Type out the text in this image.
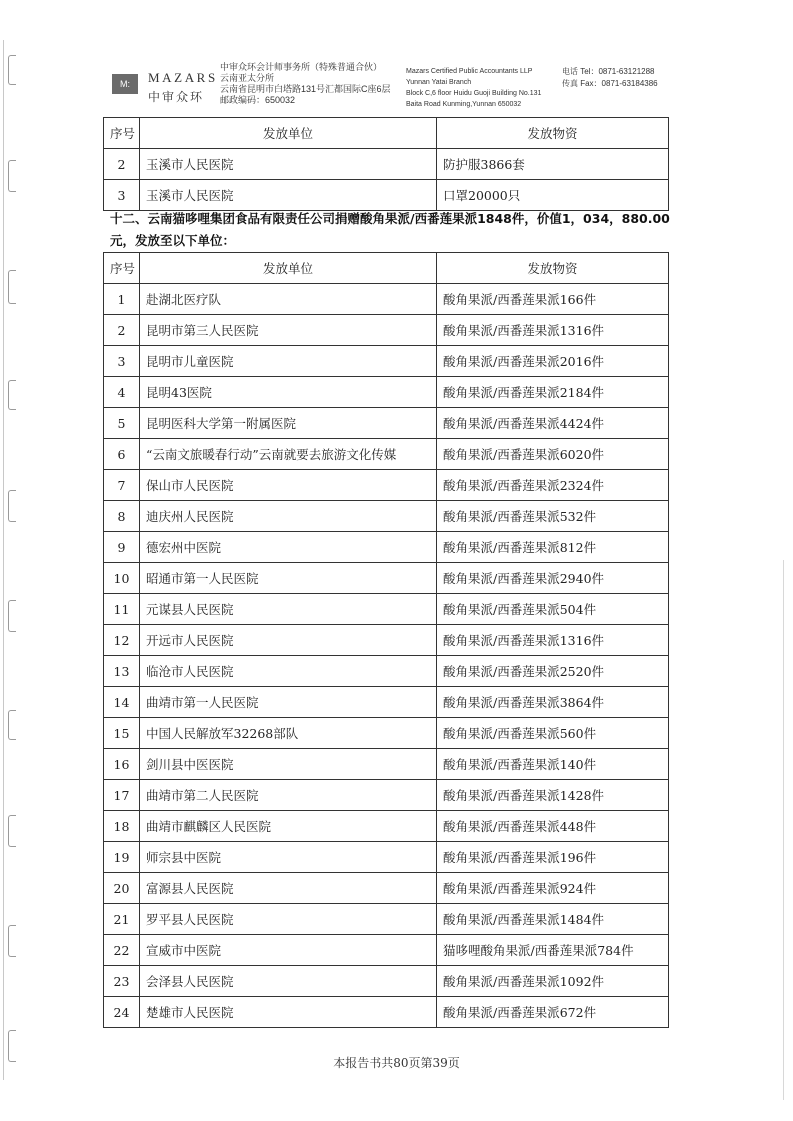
M:	MAZARS
中审众环
中审众环会计师事务所（特殊普通合伙）
云南亚太分所
云南省昆明市白塔路131号汇都国际C座6层
邮政编码：650032
Mazars Certified Public Accountants LLP
Yunnan Yatai Branch
Block C,6 floor Huidu Guoji Building No.131
Baita Road Kunming,Yunnan 650032
电话 Tel：0871-63121288
传真 Fax：0871-63184386
序号	发放单位	发放物资
2	玉溪市人民医院	防护服3866套
3	玉溪市人民医院	口罩20000只
十二、云南猫哆哩集团食品有限责任公司捐赠酸角果派/西番莲果派1848件，价值1，034，880.00元，发放至以下单位：
序号	发放单位	发放物资
1	赴湖北医疗队	酸角果派/西番莲果派166件
2	昆明市第三人民医院	酸角果派/西番莲果派1316件
3	昆明市儿童医院	酸角果派/西番莲果派2016件
4	昆明43医院	酸角果派/西番莲果派2184件
5	昆明医科大学第一附属医院	酸角果派/西番莲果派4424件
6	“云南文旅暖春行动”云南就要去旅游文化传媒	酸角果派/西番莲果派6020件
7	保山市人民医院	酸角果派/西番莲果派2324件
8	迪庆州人民医院	酸角果派/西番莲果派532件
9	德宏州中医院	酸角果派/西番莲果派812件
10	昭通市第一人民医院	酸角果派/西番莲果派2940件
11	元谋县人民医院	酸角果派/西番莲果派504件
12	开远市人民医院	酸角果派/西番莲果派1316件
13	临沧市人民医院	酸角果派/西番莲果派2520件
14	曲靖市第一人民医院	酸角果派/西番莲果派3864件
15	中国人民解放军32268部队	酸角果派/西番莲果派560件
16	剑川县中医医院	酸角果派/西番莲果派140件
17	曲靖市第二人民医院	酸角果派/西番莲果派1428件
18	曲靖市麒麟区人民医院	酸角果派/西番莲果派448件
19	师宗县中医院	酸角果派/西番莲果派196件
20	富源县人民医院	酸角果派/西番莲果派924件
21	罗平县人民医院	酸角果派/西番莲果派1484件
22	宣威市中医院	猫哆哩酸角果派/西番莲果派784件
23	会泽县人民医院	酸角果派/西番莲果派1092件
24	楚雄市人民医院	酸角果派/西番莲果派672件
本报告书共80页第39页
